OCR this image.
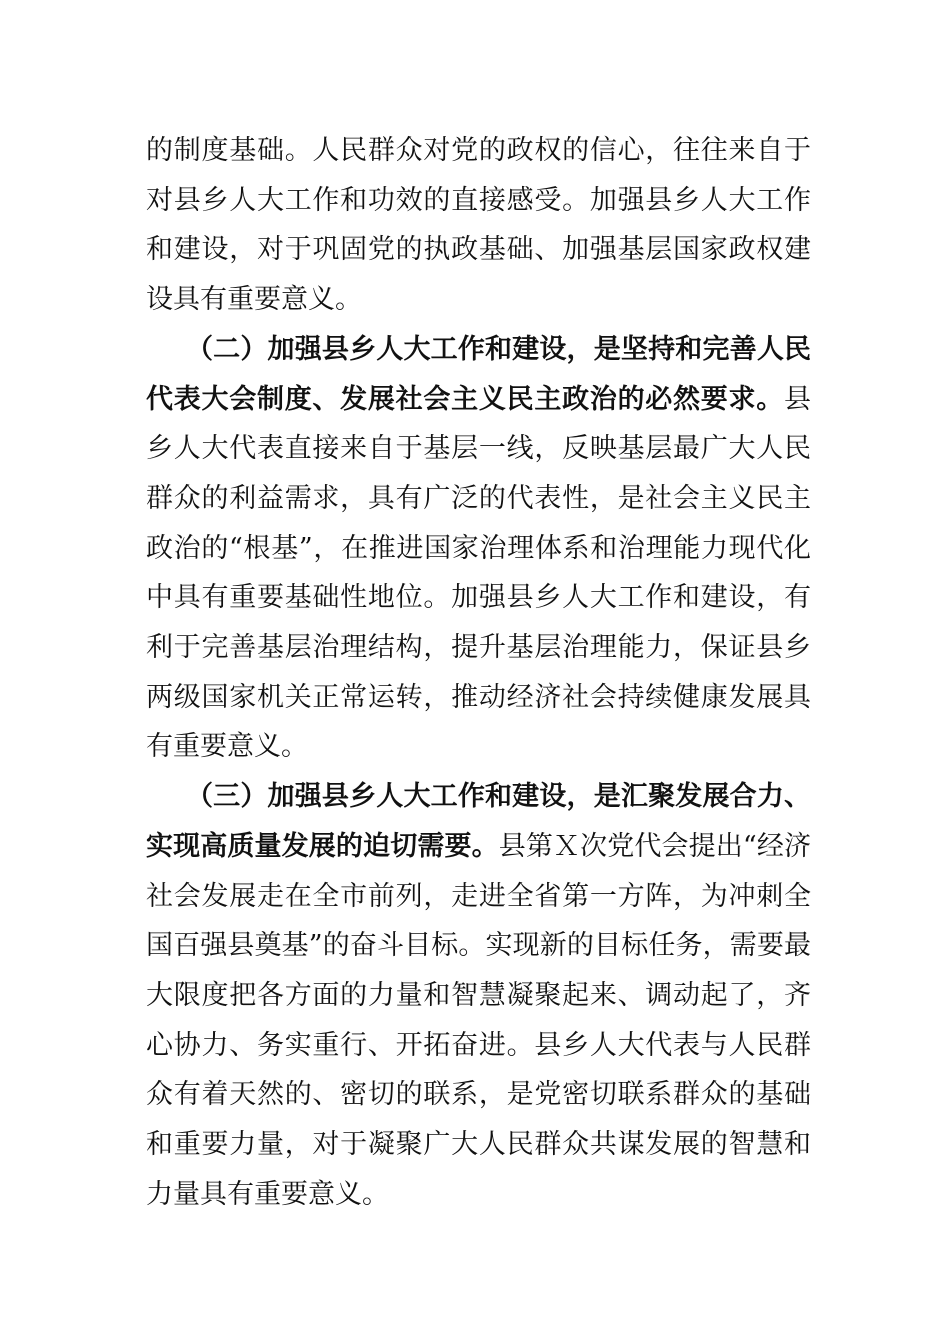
的制度基础。人民群众对党的政权的信心，往往来自于对县乡人大工作和功效的直接感受。加强县乡人大工作和建设，对于巩固党的执政基础、加强基层国家政权建设具有重要意义。

（二）加强县乡人大工作和建设，是坚持和完善人民代表大会制度、发展社会主义民主政治的必然要求。县乡人大代表直接来自于基层一线，反映基层最广大人民群众的利益需求，具有广泛的代表性，是社会主义民主政治的“根基”，在推进国家治理体系和治理能力现代化中具有重要基础性地位。加强县乡人大工作和建设，有利于完善基层治理结构，提升基层治理能力，保证县乡两级国家机关正常运转，推动经济社会持续健康发展具有重要意义。

（三）加强县乡人大工作和建设，是汇聚发展合力、实现高质量发展的迫切需要。县第Ｘ次党代会提出“经济社会发展走在全市前列，走进全省第一方阵，为冲刺全国百强县奠基”的奋斗目标。实现新的目标任务，需要最大限度把各方面的力量和智慧凝聚起来、调动起了，齐心协力、务实重行、开拓奋进。县乡人大代表与人民群众有着天然的、密切的联系，是党密切联系群众的基础和重要力量，对于凝聚广大人民群众共谋发展的智慧和力量具有重要意义。
